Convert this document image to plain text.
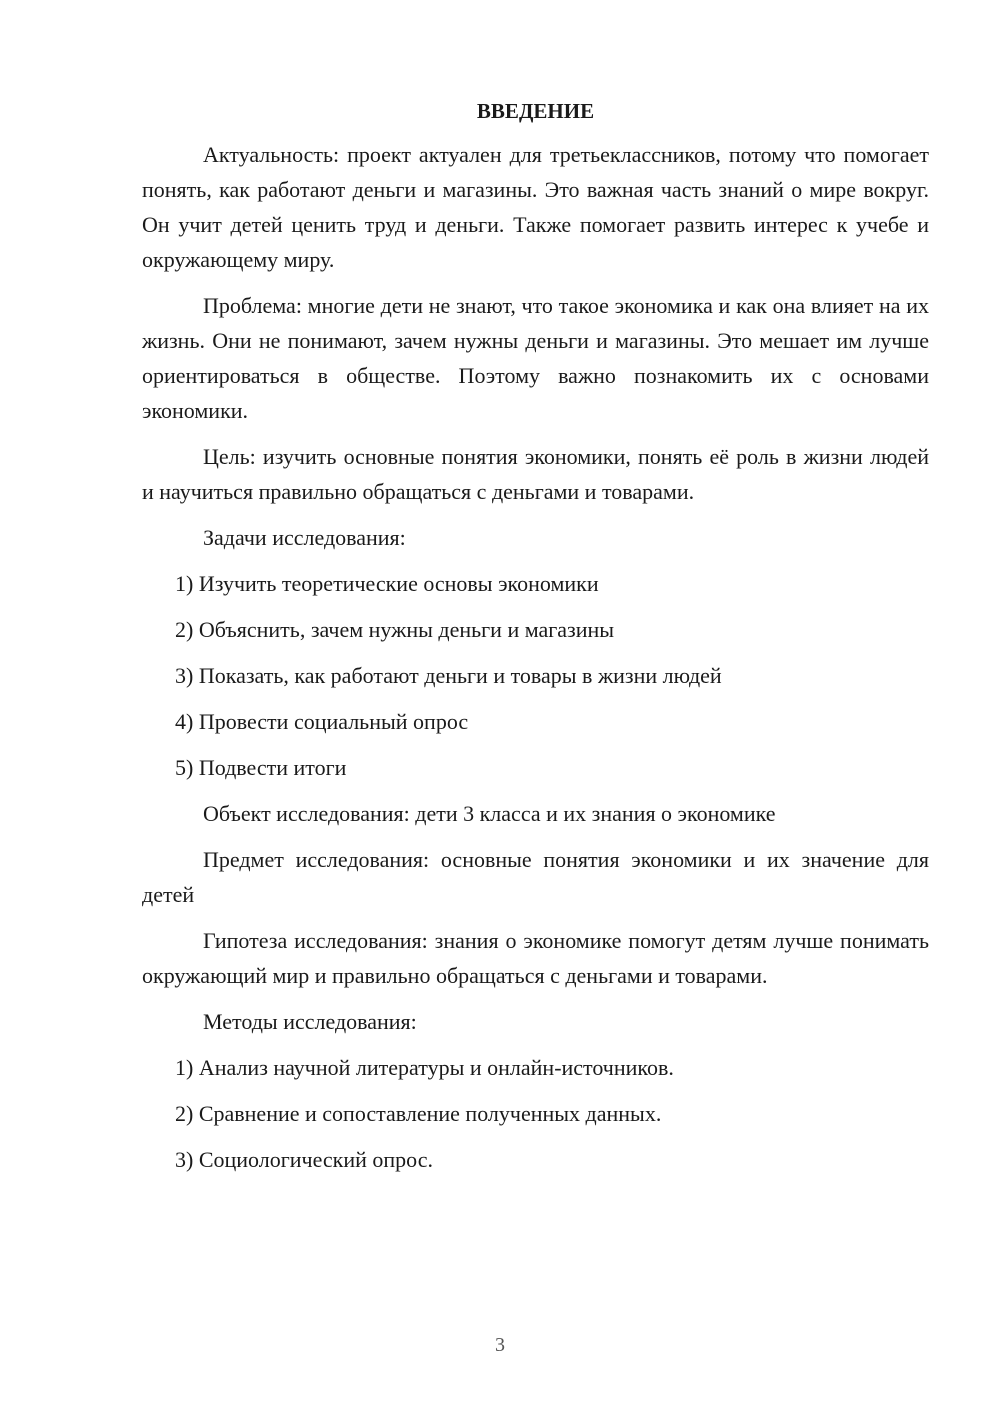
ВВЕДЕНИЕ

Актуальность: проект актуален для третьеклассников, потому что помогает понять, как работают деньги и магазины. Это важная часть знаний о мире вокруг. Он учит детей ценить труд и деньги. Также помогает развить интерес к учебе и окружающему миру.

Проблема: многие дети не знают, что такое экономика и как она влияет на их жизнь. Они не понимают, зачем нужны деньги и магазины. Это мешает им лучше ориентироваться в обществе. Поэтому важно познакомить их с основами экономики.

Цель: изучить основные понятия экономики, понять её роль в жизни людей и научиться правильно обращаться с деньгами и товарами.

Задачи исследования:

1) Изучить теоретические основы экономики
2) Объяснить, зачем нужны деньги и магазины
3) Показать, как работают деньги и товары в жизни людей
4) Провести социальный опрос
5) Подвести итоги

Объект исследования: дети 3 класса и их знания о экономике

Предмет исследования: основные понятия экономики и их значение для детей

Гипотеза исследования: знания о экономике помогут детям лучше понимать окружающий мир и правильно обращаться с деньгами и товарами.

Методы исследования:

1) Анализ научной литературы и онлайн-источников.
2) Сравнение и сопоставление полученных данных.
3) Социологический опрос.
3
